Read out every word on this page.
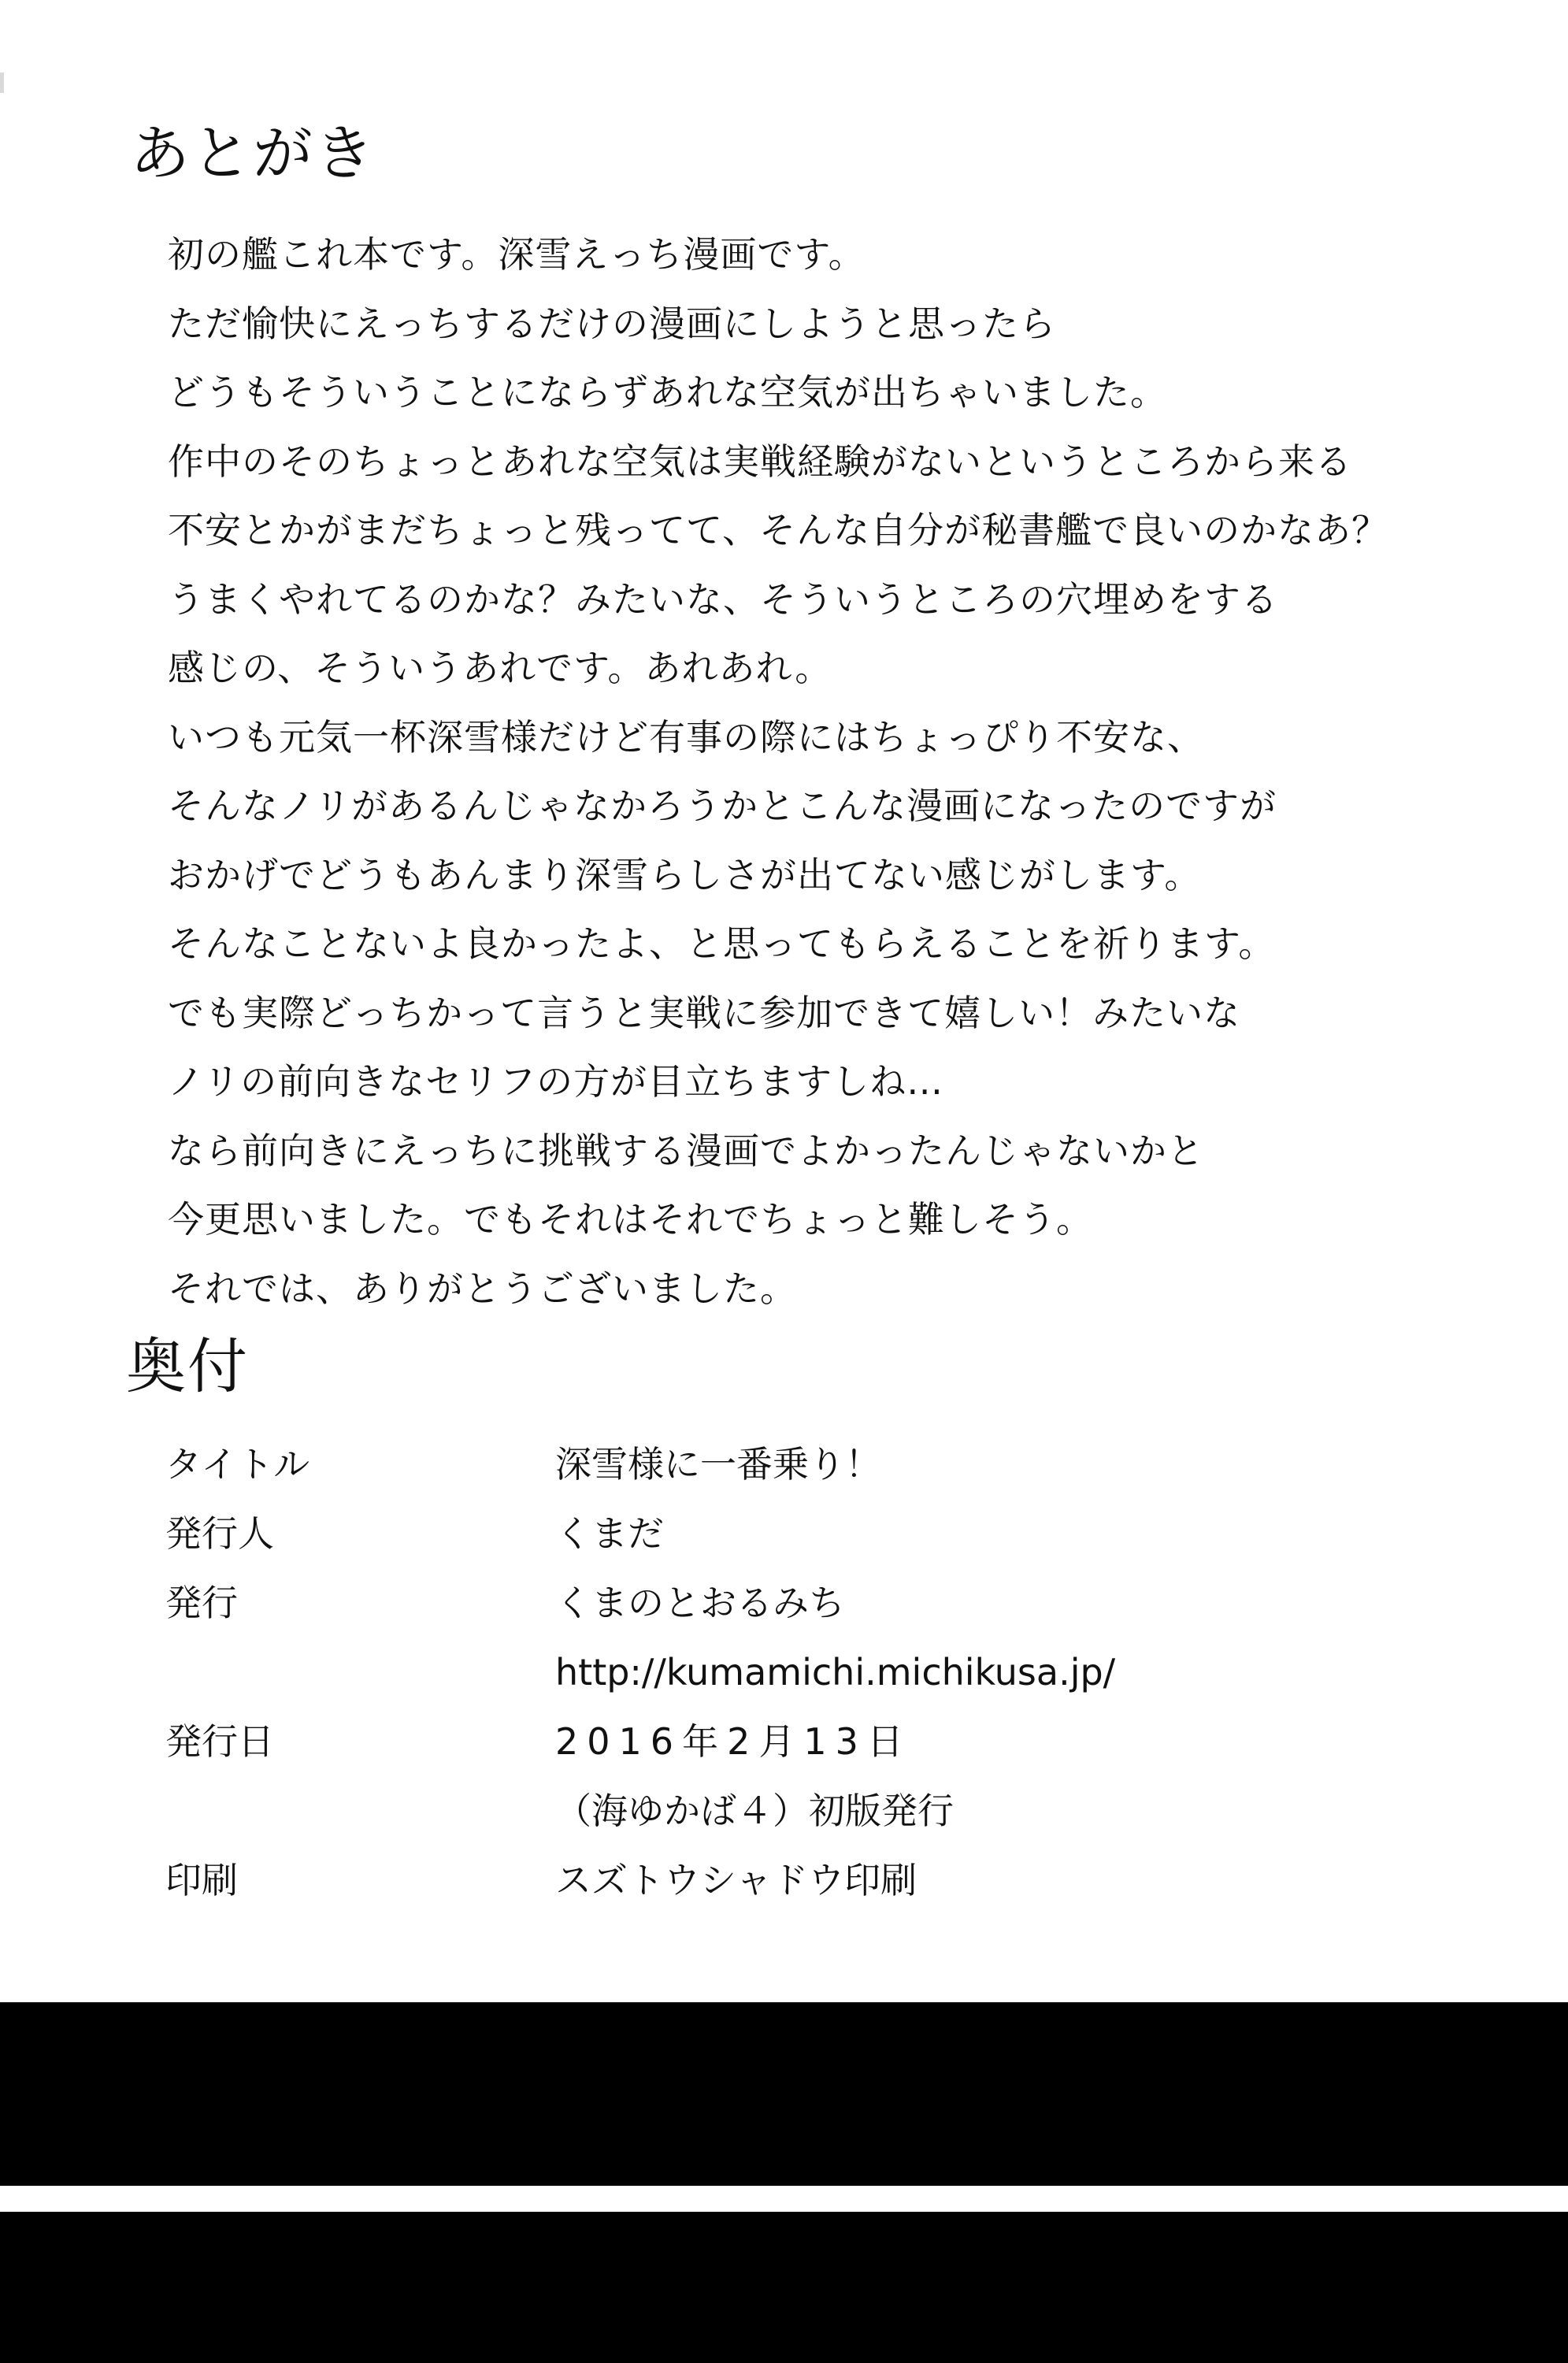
あとがき
初の艦これ本です。深雪えっち漫画です。
ただ愉快にえっちするだけの漫画にしようと思ったら
どうもそういうことにならずあれな空気が出ちゃいました。
作中のそのちょっとあれな空気は実戦経験がないというところから来る
不安とかがまだちょっと残ってて、そんな自分が秘書艦で良いのかなあ？
うまくやれてるのかな？みたいな、そういうところの穴埋めをする
感じの、そういうあれです。あれあれ。
いつも元気一杯深雪様だけど有事の際にはちょっぴり不安な、
そんなノリがあるんじゃなかろうかとこんな漫画になったのですが
おかげでどうもあんまり深雪らしさが出てない感じがします。
そんなことないよ良かったよ、と思ってもらえることを祈ります。
でも実際どっちかって言うと実戦に参加できて嬉しい！みたいな
ノリの前向きなセリフの方が目立ちますしね…
なら前向きにえっちに挑戦する漫画でよかったんじゃないかと
今更思いました。でもそれはそれでちょっと難しそう。
それでは、ありがとうございました。
奥付
タイトル	深雪様に一番乗り！
発行人	くまだ
発行	くまのとおるみち
http://kumamichi.michikusa.jp/
発行日	2016年2月13日
（海ゆかば４）初版発行
印刷	スズトウシャドウ印刷
